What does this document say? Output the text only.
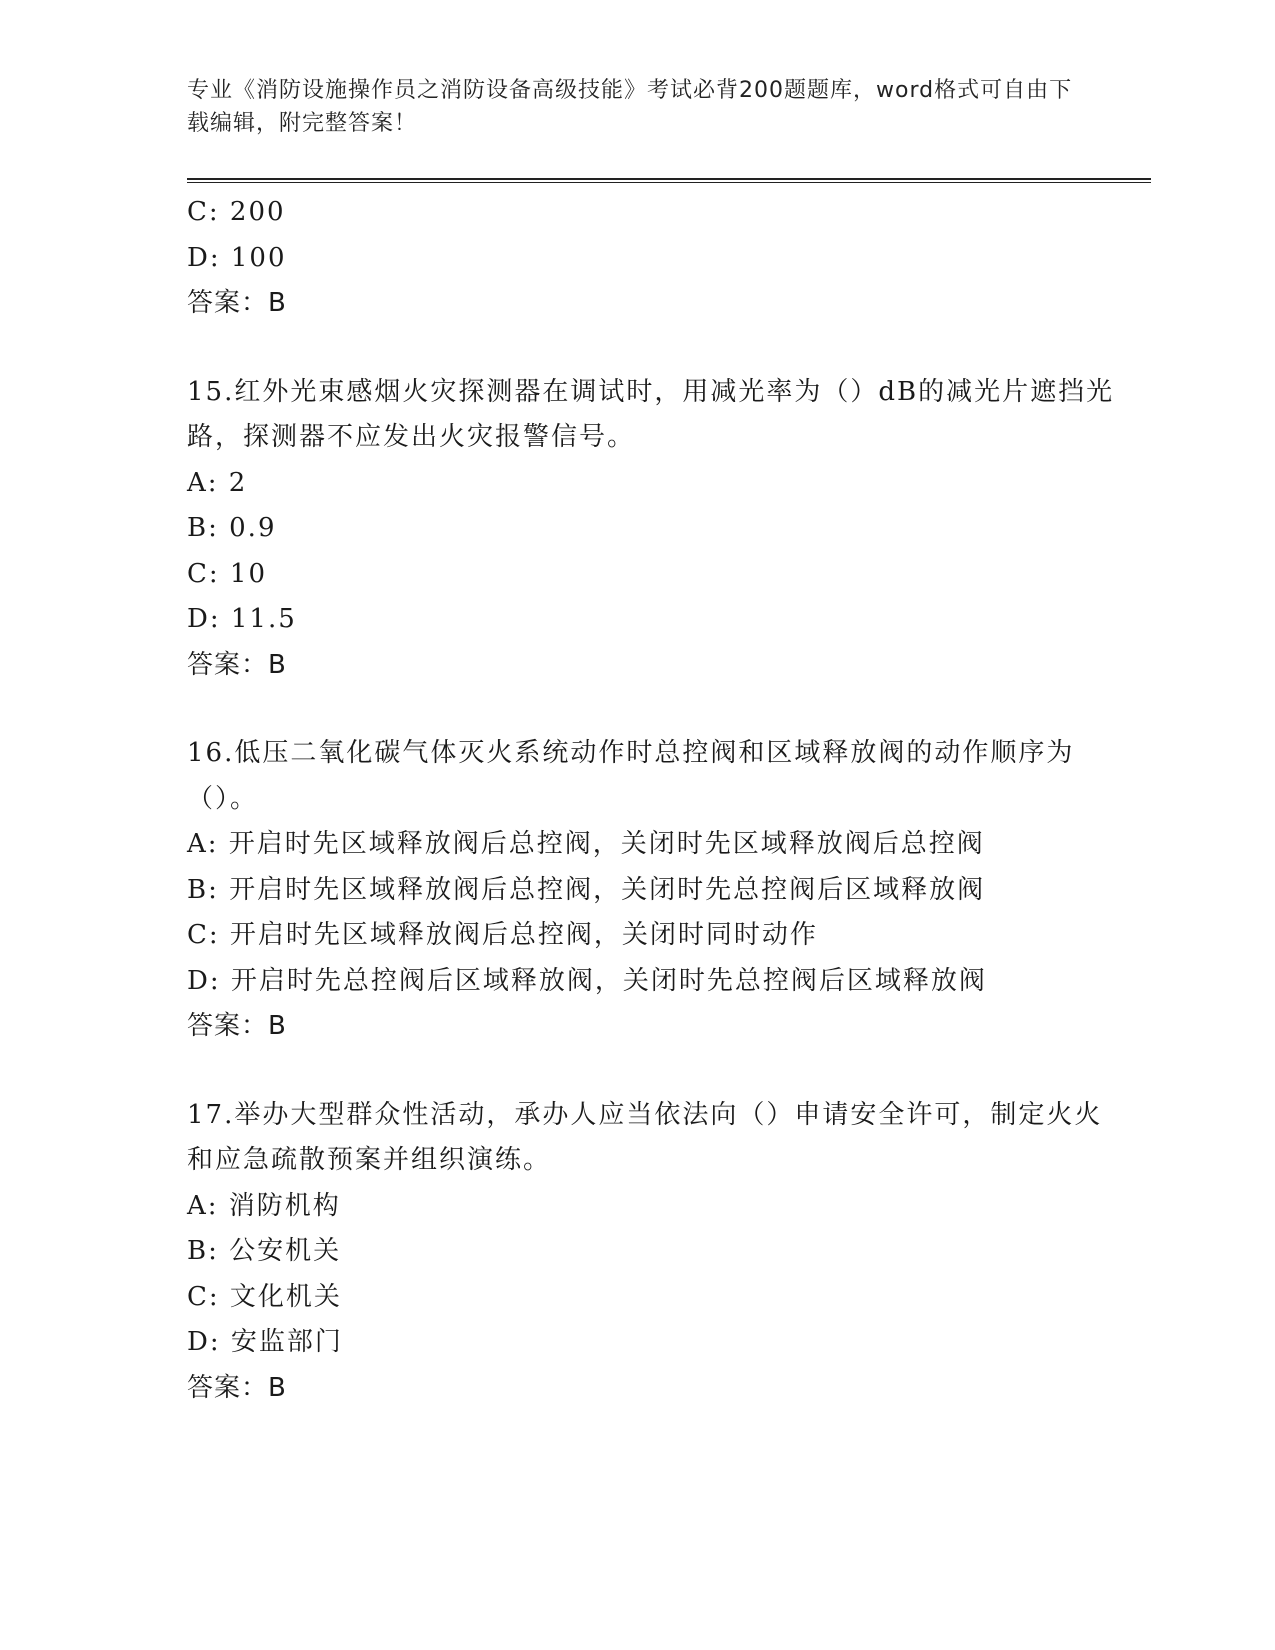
专业《消防设施操作员之消防设备高级技能》考试必背200题题库，word格式可自由下载编辑，附完整答案！
C: 200
D: 100
答案：B
15.红外光束感烟火灾探测器在调试时，用减光率为（）dB的减光片遮挡光路，探测器不应发出火灾报警信号。
A: 2
B: 0.9
C: 10
D: 11.5
答案：B
16.低压二氧化碳气体灭火系统动作时总控阀和区域释放阀的动作顺序为（）。
A: 开启时先区域释放阀后总控阀，关闭时先区域释放阀后总控阀
B: 开启时先区域释放阀后总控阀，关闭时先总控阀后区域释放阀
C: 开启时先区域释放阀后总控阀，关闭时同时动作
D: 开启时先总控阀后区域释放阀，关闭时先总控阀后区域释放阀
答案：B
17.举办大型群众性活动，承办人应当依法向（）申请安全许可，制定火火和应急疏散预案并组织演练。
A: 消防机构
B: 公安机关
C: 文化机关
D: 安监部门
答案：B
